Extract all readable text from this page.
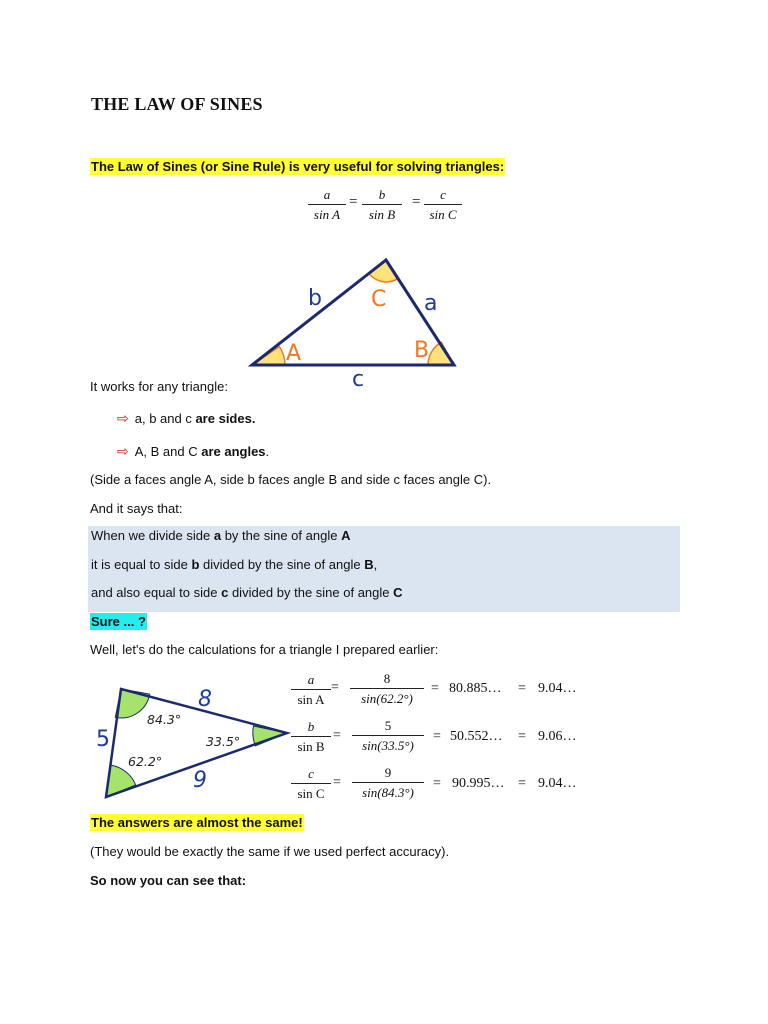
THE LAW OF SINES
The Law of Sines (or Sine Rule) is very useful for solving triangles:
$\frac{a}{\text{sin A}} = \frac{b}{\text{sin B}} = \frac{c}{\text{sin C}}$
b	a
c
A	B
C
It works for any triangle:
⇨ a, b and c are sides.
⇨ A, B and C are angles.
(Side a faces angle A, side b faces angle B and side c faces angle C).
And it says that:
When we divide side a by the sine of angle A
it is equal to side b divided by the sine of angle B,
and also equal to side c divided by the sine of angle C
Sure ... ?
Well, let's do the calculations for a triangle I prepared earlier:
8
5
9
84.3°
33.5°
62.2°
$\frac{a}{\text{sin A}} = \frac{8}{\sin(62.2^\circ)}$ = 80.885… = 9.04…
$\frac{b}{\text{sin B}} = \frac{5}{\sin(33.5^\circ)}$ = 50.552… = 9.06…
$\frac{c}{\text{sin C}} = \frac{9}{\sin(84.3^\circ)}$ = 90.995… = 9.04…
The answers are almost the same!
(They would be exactly the same if we used perfect accuracy).
So now you can see that:
